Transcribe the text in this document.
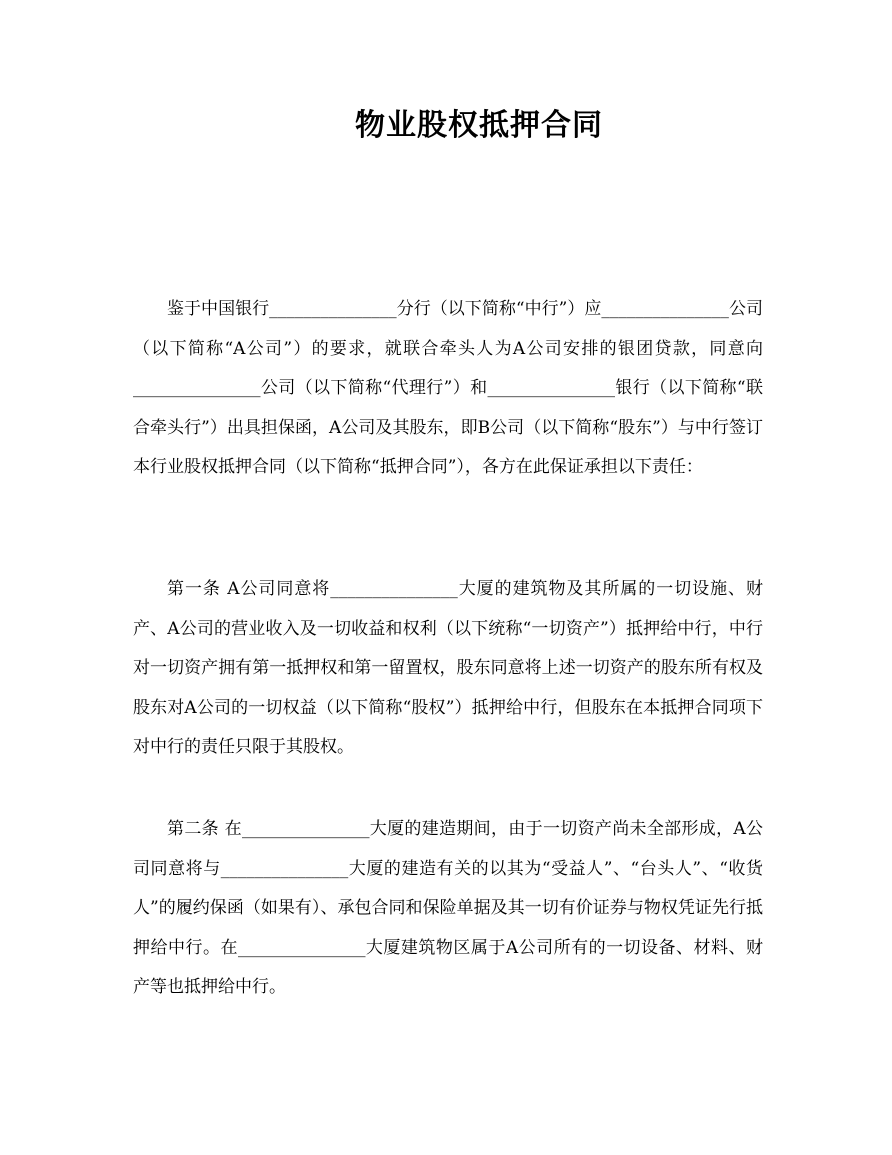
物业股权抵押合同

鉴于中国银行_______________分行（以下简称“中行”）应_______________公司（以下简称“A公司”）的要求，就联合牵头人为A公司安排的银团贷款，同意向_______________公司（以下简称“代理行”）和_______________银行（以下简称“联合牵头行”）出具担保函，A公司及其股东，即B公司（以下简称“股东”）与中行签订本行业股权抵押合同（以下简称“抵押合同”），各方在此保证承担以下责任：

第一条 A公司同意将_______________大厦的建筑物及其所属的一切设施、财产、A公司的营业收入及一切收益和权利（以下统称“一切资产”）抵押给中行，中行对一切资产拥有第一抵押权和第一留置权，股东同意将上述一切资产的股东所有权及股东对A公司的一切权益（以下简称“股权”）抵押给中行，但股东在本抵押合同项下对中行的责任只限于其股权。

第二条 在_______________大厦的建造期间，由于一切资产尚未全部形成，A公司同意将与_______________大厦的建造有关的以其为“受益人”、“台头人”、“收货人”的履约保函（如果有）、承包合同和保险单据及其一切有价证券与物权凭证先行抵押给中行。在_______________大厦建筑物区属于A公司所有的一切设备、材料、财产等也抵押给中行。
